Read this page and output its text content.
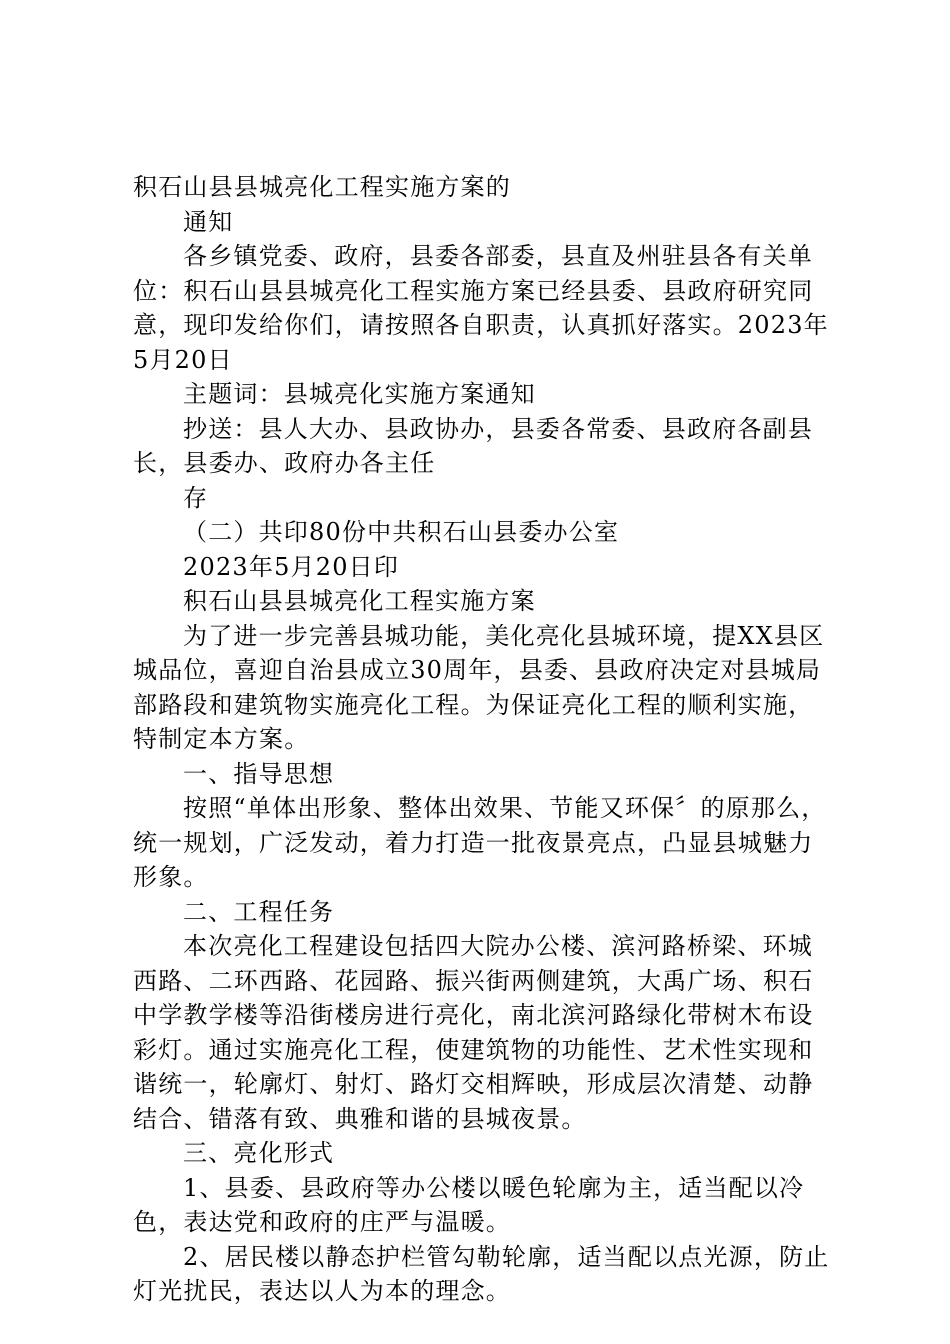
积石山县县城亮化工程实施方案的

通知

各乡镇党委、政府，县委各部委，县直及州驻县各有关单位：积石山县县城亮化工程实施方案已经县委、县政府研究同意，现印发给你们，请按照各自职责，认真抓好落实。2023年5月20日

主题词：县城亮化实施方案通知

抄送：县人大办、县政协办，县委各常委、县政府各副县长，县委办、政府办各主任

存

（二）共印80份中共积石山县委办公室

2023年5月20日印

积石山县县城亮化工程实施方案

为了进一步完善县城功能，美化亮化县城环境，提XX县区城品位，喜迎自治县成立30周年，县委、县政府决定对县城局部路段和建筑物实施亮化工程。为保证亮化工程的顺利实施，特制定本方案。

一、指导思想

按照“单体出形象、整体出效果、节能又环保〞的原那么，统一规划，广泛发动，着力打造一批夜景亮点，凸显县城魅力形象。

二、工程任务

本次亮化工程建设包括四大院办公楼、滨河路桥梁、环城西路、二环西路、花园路、振兴街两侧建筑，大禹广场、积石中学教学楼等沿街楼房进行亮化，南北滨河路绿化带树木布设彩灯。通过实施亮化工程，使建筑物的功能性、艺术性实现和谐统一，轮廓灯、射灯、路灯交相辉映，形成层次清楚、动静结合、错落有致、典雅和谐的县城夜景。

三、亮化形式

1、县委、县政府等办公楼以暖色轮廓为主，适当配以冷色，表达党和政府的庄严与温暖。

2、居民楼以静态护栏管勾勒轮廓，适当配以点光源，防止灯光扰民，表达以人为本的理念。
